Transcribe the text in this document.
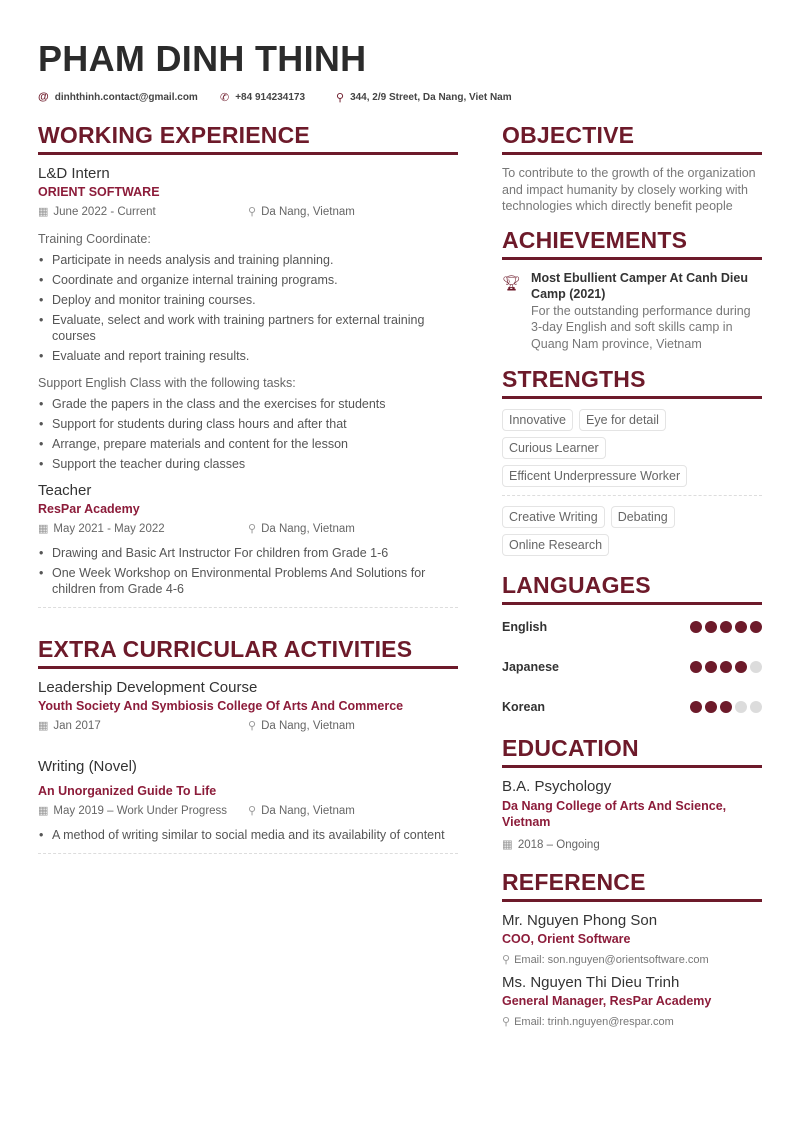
PHAM DINH THINH
@ dinhthinh.contact@gmail.com ✆ +84 914234173	⚲ 344, 2/9 Street, Da Nang, Viet Nam
WORKING EXPERIENCE
L&D Intern
ORIENT SOFTWARE
▦ June 2022 - Current	⚲ Da Nang, Vietnam
Training Coordinate:
• Participate in needs analysis and training planning.
• Coordinate and organize internal training programs.
• Deploy and monitor training courses.
• Evaluate, select and work with training partners for external training courses
• Evaluate and report training results.
Support English Class with the following tasks:
• Grade the papers in the class and the exercises for students
• Support for students during class hours and after that
• Arrange, prepare materials and content for the lesson
• Support the teacher during classes
Teacher
ResPar Academy
▦ May 2021 - May 2022	⚲ Da Nang, Vietnam
• Drawing and Basic Art Instructor For children from Grade 1-6
• One Week Workshop on Environmental Problems And Solutions for children from Grade 4-6
EXTRA CURRICULAR ACTIVITIES
Leadership Development Course
Youth Society And Symbiosis College Of Arts And Commerce
▦ Jan 2017	⚲ Da Nang, Vietnam
Writing (Novel)
An Unorganized Guide To Life
▦ May 2019 – Work Under Progress	⚲ Da Nang, Vietnam
• A method of writing similar to social media and its availability of content
OBJECTIVE
To contribute to the growth of the organization and impact humanity by closely working with technologies which directly benefit people
ACHIEVEMENTS
🏆︎ Most Ebullient Camper At Canh Dieu Camp (2021)
For the outstanding performance during 3-day English and soft skills camp in Quang Nam province, Vietnam
STRENGTHS
Innovative	Eye for detail
Curious Learner
Efficent Underpressure Worker
Creative Writing	Debating
Online Research
LANGUAGES
English
Japanese
Korean
EDUCATION
B.A. Psychology
Da Nang College of Arts And Science, Vietnam
▦ 2018 – Ongoing
REFERENCE
Mr. Nguyen Phong Son
COO, Orient Software
⚲ Email: son.nguyen@orientsoftware.com
Ms. Nguyen Thi Dieu Trinh
General Manager, ResPar Academy
⚲ Email: trinh.nguyen@respar.com
